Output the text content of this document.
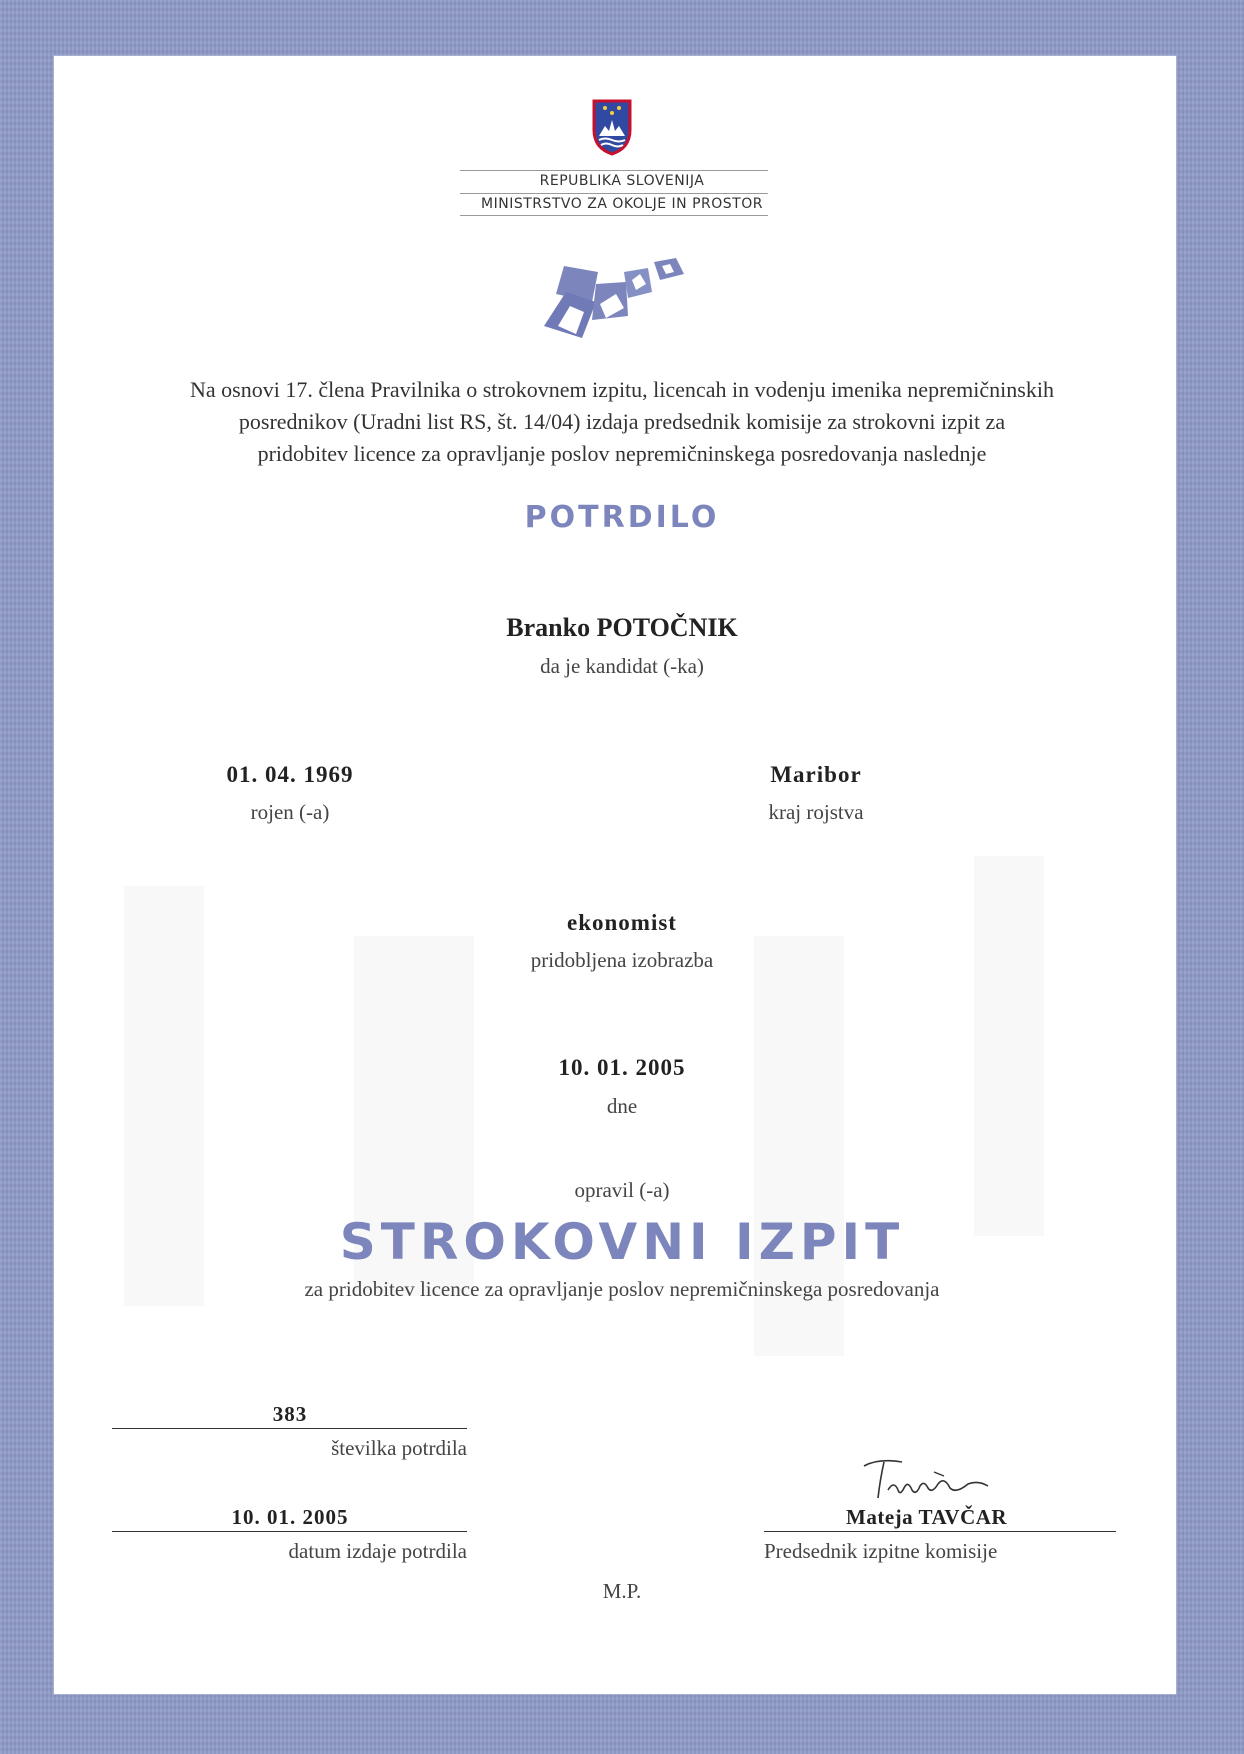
REPUBLIKA SLOVENIJA
MINISTRSTVO ZA OKOLJE IN PROSTOR
Na osnovi 17. člena Pravilnika o strokovnem izpitu, licencah in vodenju imenika nepremičninskih
posrednikov (Uradni list RS, št. 14/04) izdaja predsednik komisije za strokovni izpit za
pridobitev licence za opravljanje poslov nepremičninskega posredovanja naslednje
POTRDILO
Branko POTOČNIK
da je kandidat (-ka)
01. 04. 1969
rojen (-a)
Maribor
kraj rojstva
ekonomist
pridobljena izobrazba
10. 01. 2005
dne
opravil (-a)
STROKOVNI IZPIT
za pridobitev licence za opravljanje poslov nepremičninskega posredovanja
383
številka potrdila
10. 01. 2005
datum izdaje potrdila
Mateja TAVČAR
Predsednik izpitne komisije
M.P.
